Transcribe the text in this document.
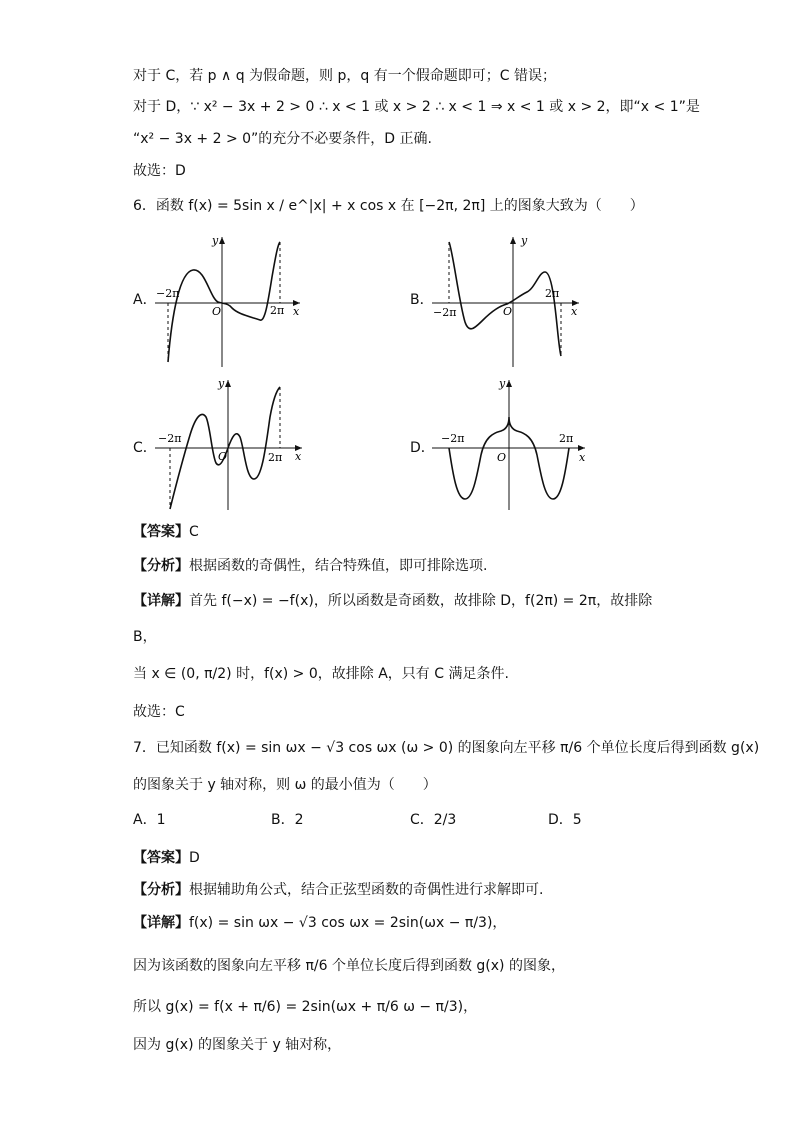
对于 C，若 p ∧ q 为假命题，则 p，q 有一个假命题即可；C 错误；
对于 D，∵ x² − 3x + 2 > 0 ∴ x < 1 或 x > 2 ∴ x < 1 ⇒ x < 1 或 x > 2，即“x < 1”是
“x² − 3x + 2 > 0”的充分不必要条件，D 正确.
故选：D
6．函数 f(x) = 5sin x / e^|x| + x cos x 在 [−2π, 2π] 上的图象大致为（　　）
A． −2π
2π
O	x
y
B．
−2π
2π
O	x
y
C．
−2π
2π
O	x
y
D．
−2π	2π
O	x
y
【答案】C
【分析】根据函数的奇偶性，结合特殊值，即可排除选项.
【详解】首先 f(−x) = −f(x)，所以函数是奇函数，故排除 D，f(2π) = 2π，故排除
B，
当 x ∈ (0, π/2) 时，f(x) > 0，故排除 A，只有 C 满足条件.
故选：C
7．已知函数 f(x) = sin ωx − √3 cos ωx (ω > 0) 的图象向左平移 π/6 个单位长度后得到函数 g(x)
的图象关于 y 轴对称，则 ω 的最小值为（　　）
A．1	B．2	C．2/3	D．5
【答案】D
【分析】根据辅助角公式，结合正弦型函数的奇偶性进行求解即可.
【详解】f(x) = sin ωx − √3 cos ωx = 2sin(ωx − π/3)，
因为该函数的图象向左平移 π/6 个单位长度后得到函数 g(x) 的图象，
所以 g(x) = f(x + π/6) = 2sin(ωx + π/6 ω − π/3)，
因为 g(x) 的图象关于 y 轴对称，
